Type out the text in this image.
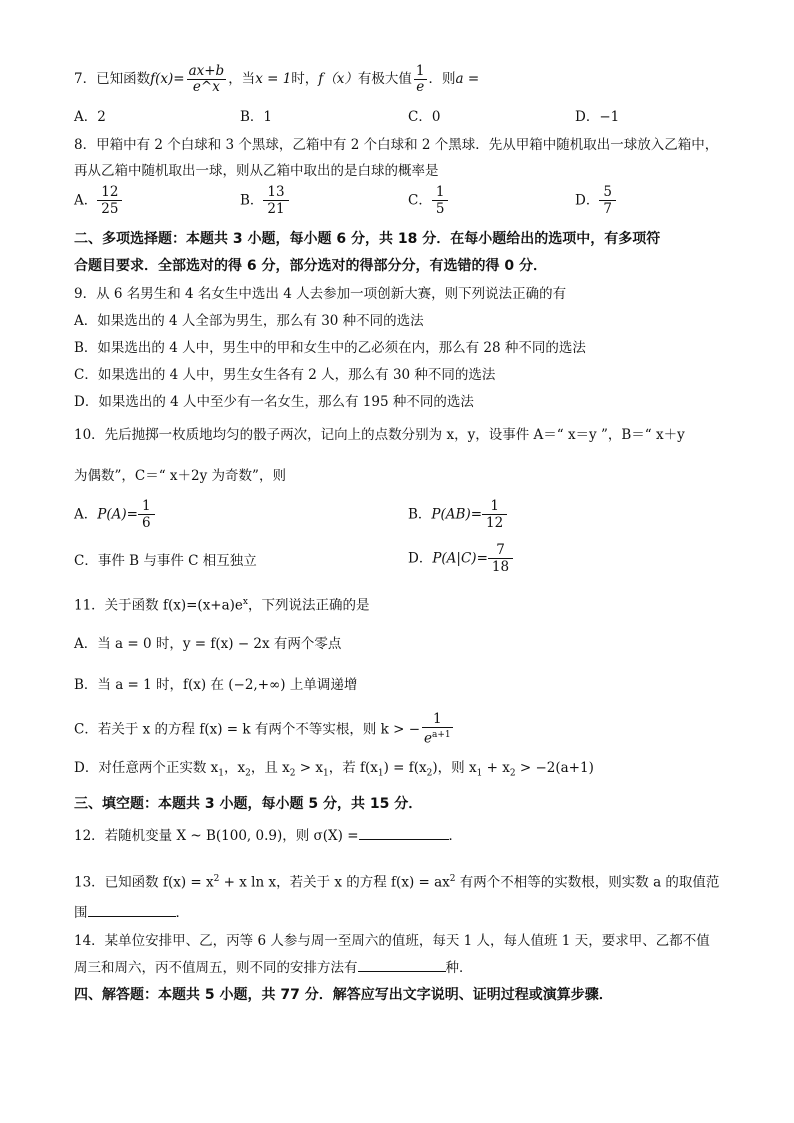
7．已知函数$f(x)= \frac{ax+b}{e\^{}x}$ ，当x = 1时，f（x）有极大值 $\frac{1}{e}$ ．则a =
A．2	B．1	C．0	D．−1
8．甲箱中有 2 个白球和 3 个黑球，乙箱中有 2 个白球和 2 个黑球．先从甲箱中随机取出一球放入乙箱中，
再从乙箱中随机取出一球，则从乙箱中取出的是白球的概率是
A． $\frac{12}{25}$	B． $\frac{13}{21}$	C． $\frac{1}{5}$	D． $\frac{5}{7}$
二、多项选择题：本题共 3 小题，每小题 6 分，共 18 分．在每小题给出的选项中，有多项符
合题目要求．全部选对的得 6 分，部分选对的得部分分，有选错的得 0 分．
9．从 6 名男生和 4 名女生中选出 4 人去参加一项创新大赛，则下列说法正确的有
A．如果选出的 4 人全部为男生，那么有 30 种不同的选法
B．如果选出的 4 人中，男生中的甲和女生中的乙必须在内，那么有 28 种不同的选法
C．如果选出的 4 人中，男生女生各有 2 人，那么有 30 种不同的选法
D．如果选出的 4 人中至少有一名女生，那么有 195 种不同的选法
10．先后抛掷一枚质地均匀的骰子两次，记向上的点数分别为 x，y，设事件 A＝“ x＝y ”，B＝“ x＋y
为偶数”，C＝“ x＋2y 为奇数”，则
A．$P(A)= \frac{1}{6}$	B．$P(AB)= \frac{1}{12}$
C．事件 B 与事件 C 相互独立	D．$P(A|C)= \frac{7}{18}$
11．关于函数 $f(x)=(x+a)e^x$，下列说法正确的是
A．当 a = 0 时，y = f(x) − 2x 有两个零点
B．当 a = 1 时，f(x) 在 (−2,+∞) 上单调递增
C．若关于 x 的方程 f(x) = k 有两个不等实根，则 k > − $\frac{1}{e^{a+1}}$
D．对任意两个正实数 $x_1$，$x_2$，且 $x_2 > x_1$，若 $f(x_1) = f(x_2)$，则 $x_1 + x_2 > -2(a+1)$
三、填空题：本题共 3 小题，每小题 5 分，共 15 分．
12．若随机变量 X ~ B(100, 0.9)，则 σ(X) =	．
13．已知函数 $f(x) = x^2 + x$ ln x，若关于 x 的方程 $f(x) = ax^2$ 有两个不相等的实数根，则实数 a 的取值范
围	．
14．某单位安排甲、乙，丙等 6 人参与周一至周六的值班，每天 1 人，每人值班 1 天，要求甲、乙都不值
周三和周六，丙不值周五，则不同的安排方法有	种．
四、解答题：本题共 5 小题，共 77 分．解答应写出文字说明、证明过程或演算步骤．
